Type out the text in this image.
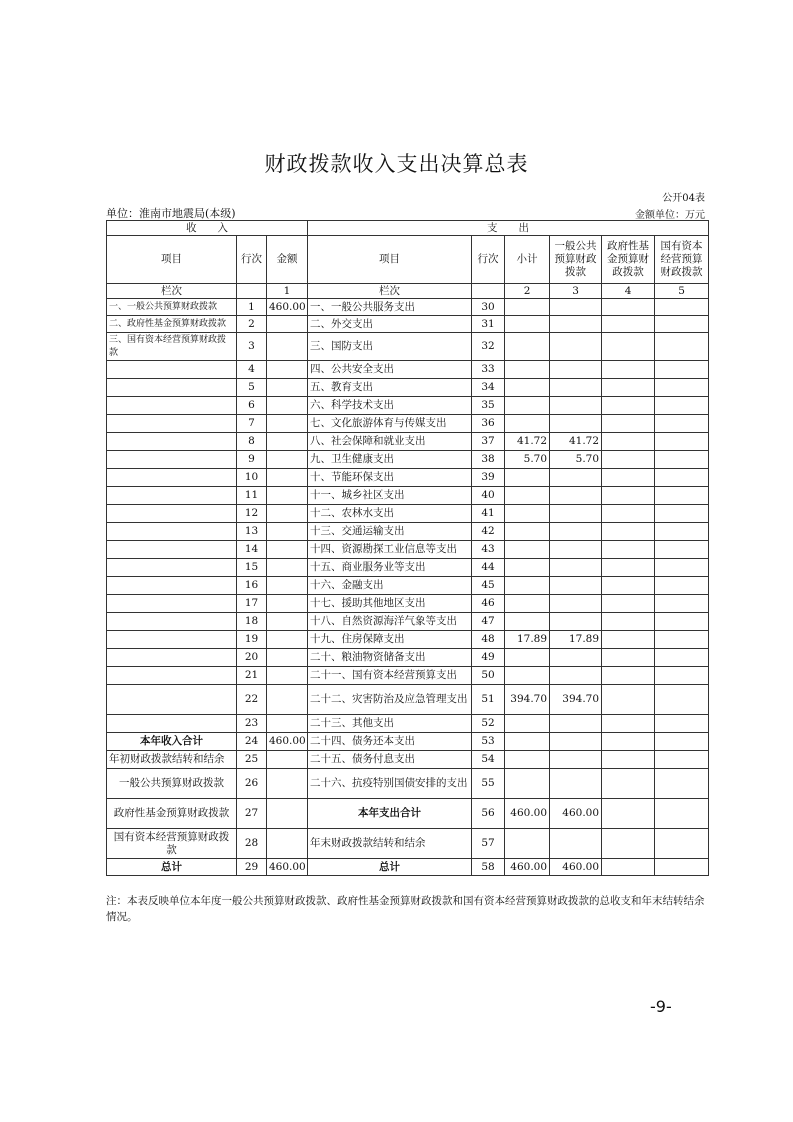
财政拨款收入支出决算总表
公开04表
单位：淮南市地震局(本级)	金额单位：万元
收　　入			支　　出					
项目	行次	金额	项目	行次	小计	一般公共预算财政拨款	政府性基金预算财政拨款	国有资本经营预算财政拨款
栏次		1	栏次		2	3	4	5
一、一般公共预算财政拨款	1	460.00	一、一般公共服务支出	30				
二、政府性基金预算财政拨款	2		二、外交支出	31				
三、国有资本经营预算财政拨款	3		三、国防支出	32				
	4		四、公共安全支出	33				
	5		五、教育支出	34				
	6		六、科学技术支出	35				
	7		七、文化旅游体育与传媒支出	36				
	8		八、社会保障和就业支出	37	41.72	41.72		
	9		九、卫生健康支出	38	5.70	5.70		
	10		十、节能环保支出	39				
	11		十一、城乡社区支出	40				
	12		十二、农林水支出	41				
	13		十三、交通运输支出	42				
	14		十四、资源勘探工业信息等支出	43				
	15		十五、商业服务业等支出	44				
	16		十六、金融支出	45				
	17		十七、援助其他地区支出	46				
	18		十八、自然资源海洋气象等支出	47				
	19		十九、住房保障支出	48	17.89	17.89		
	20		二十、粮油物资储备支出	49				
	21		二十一、国有资本经营预算支出	50				
	22		二十二、灾害防治及应急管理支出	51	394.70	394.70		
	23		二十三、其他支出	52				
本年收入合计	24	460.00	二十四、债务还本支出	53				
年初财政拨款结转和结余	25		二十五、债务付息支出	54				
一般公共预算财政拨款	26		二十六、抗疫特别国债安排的支出	55				
政府性基金预算财政拨款	27		本年支出合计	56	460.00	460.00		
国有资本经营预算财政拨款	28		年末财政拨款结转和结余	57				
总计	29	460.00	总计	58	460.00	460.00		
注：本表反映单位本年度一般公共预算财政拨款、政府性基金预算财政拨款和国有资本经营预算财政拨款的总收支和年末结转结余情况。
-9-
